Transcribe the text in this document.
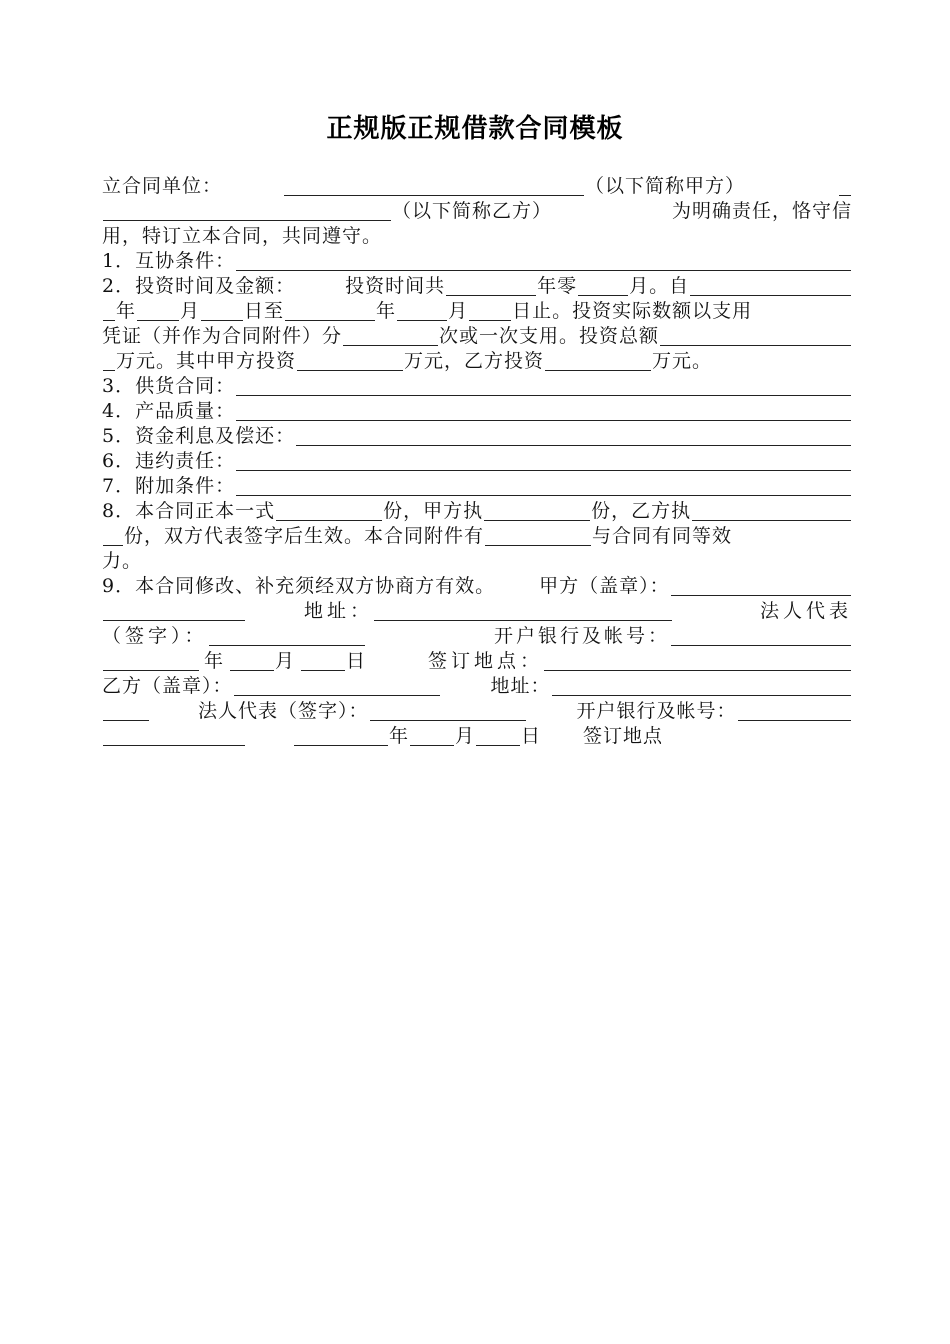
正规版正规借款合同模板
立合同单位：	（以下简称甲方）
（以下简称乙方）	为明确责任，恪守信
用，特订立本合同，共同遵守。
1．互协条件：
2．投资时间及金额：	投资时间共	年零	月。自
年 月 日至	年	月 日止。投资实际数额以支用
凭证（并作为合同附件）分	次或一次支用。投资总额
万元。其中甲方投资	万元，乙方投资	万元。
3．供货合同：
4．产品质量：
5．资金利息及偿还：
6．违约责任：
7．附加条件：
8．本合同正本一式	份，甲方执	份，乙方执
份，双方代表签字后生效。本合同附件有	与合同有同等效
力。
9．本合同修改、补充须经双方协商方有效。 甲方（盖章）：
地址：	法人代表
（签字）：	开户银行及帐号：
年	月	日	签订地点：
乙方（盖章）：	地址：
法人代表（签字）：	开户银行及帐号：
年 月 日 签订地点
